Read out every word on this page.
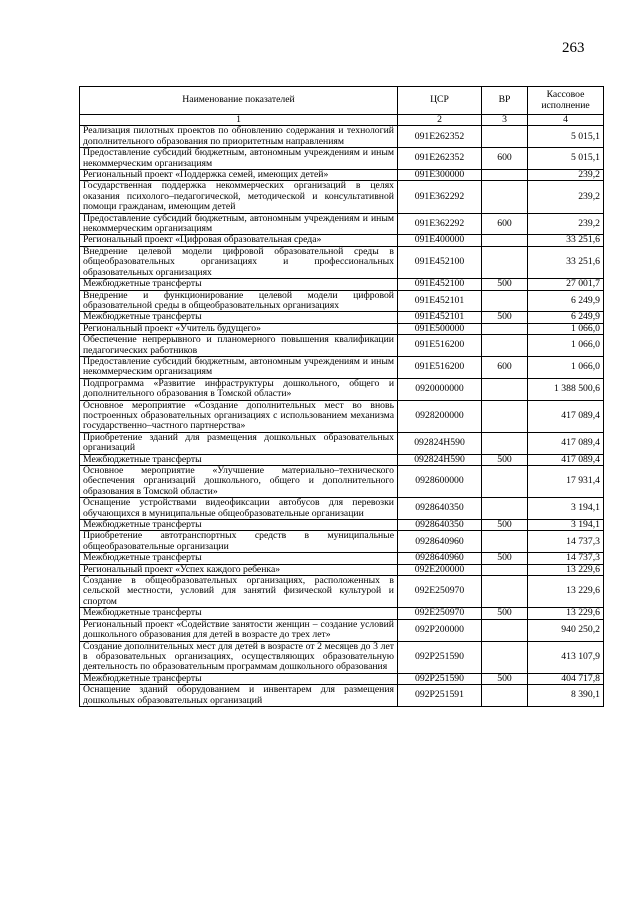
263
Наименование показателей	ЦСР	ВР	Кассовое исполнение
1	2	3	4
Реализация пилотных проектов по обновлению содержания и технологий дополнительного образования по приоритетным направлениям	091E262352		5 015,1
Предоставление субсидий бюджетным, автономным учреждениям и иным некоммерческим организациям	091E262352	600	5 015,1
Региональный проект «Поддержка семей, имеющих детей»	091E300000		239,2
Государственная поддержка некоммерческих организаций в целях оказания психолого–педагогической, методической и консультативной помощи гражданам, имеющим детей	091E362292		239,2
Предоставление субсидий бюджетным, автономным учреждениям и иным некоммерческим организациям	091E362292	600	239,2
Региональный проект «Цифровая образовательная среда»	091E400000		33 251,6
Внедрение целевой модели цифровой образовательной среды в общеобразовательных организациях и профессиональных образовательных организациях	091E452100		33 251,6
Межбюджетные трансферты	091E452100	500	27 001,7
Внедрение и функционирование целевой модели цифровой образовательной среды в общеобразовательных организациях	091E452101		6 249,9
Межбюджетные трансферты	091E452101	500	6 249,9
Региональный проект «Учитель будущего»	091E500000		1 066,0
Обеспечение непрерывного и планомерного повышения квалификации педагогических работников	091E516200		1 066,0
Предоставление субсидий бюджетным, автономным учреждениям и иным некоммерческим организациям	091E516200	600	1 066,0
Подпрограмма «Развитие инфраструктуры дошкольного, общего и дополнительного образования в Томской области»	0920000000		1 388 500,6
Основное мероприятие «Создание дополнительных мест во вновь построенных образовательных организациях с использованием механизма государственно–частного партнерства»	0928200000		417 089,4
Приобретение зданий для размещения дошкольных образовательных организаций	092824Н590		417 089,4
Межбюджетные трансферты	092824Н590	500	417 089,4
Основное мероприятие «Улучшение материально–технического обеспечения организаций дошкольного, общего и дополнительного образования в Томской области»	0928600000		17 931,4
Оснащение устройствами видеофиксации автобусов для перевозки обучающихся в муниципальные общеобразовательные организации	0928640350		3 194,1
Межбюджетные трансферты	0928640350	500	3 194,1
Приобретение автотранспортных средств в муниципальные общеобразовательные организации	0928640960		14 737,3
Межбюджетные трансферты	0928640960	500	14 737,3
Региональный проект «Успех каждого ребенка»	092E200000		13 229,6
Создание в общеобразовательных организациях, расположенных в сельской местности, условий для занятий физической культурой и спортом	092E250970		13 229,6
Межбюджетные трансферты	092E250970	500	13 229,6
Региональный проект «Содействие занятости женщин – создание условий дошкольного образования для детей в возрасте до трех лет»	092P200000		940 250,2
Создание дополнительных мест для детей в возрасте от 2 месяцев до 3 лет в образовательных организациях, осуществляющих образовательную деятельность по образовательным программам дошкольного образования	092P251590		413 107,9
Межбюджетные трансферты	092P251590	500	404 717,8
Оснащение зданий оборудованием и инвентарем для размещения дошкольных образовательных организаций	092P251591		8 390,1
